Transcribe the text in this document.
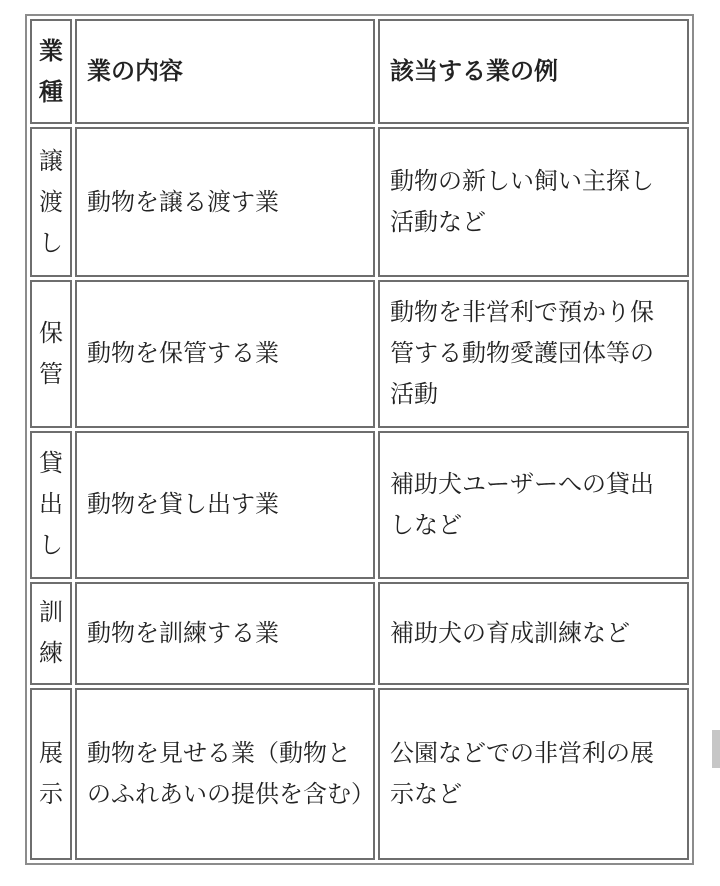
業
種	業の内容	該当する業の例

譲
渡
し	動物を譲る渡す業	動物の新しい飼い主探し活動など

保
管	動物を保管する業	動物を非営利で預かり保管する動物愛護団体等の活動

貸
出
し	動物を貸し出す業	補助犬ユーザーへの貸出しなど

訓
練	動物を訓練する業	補助犬の育成訓練など

展
示	動物を見せる業（動物とのふれあいの提供を含む）	公園などでの非営利の展示など
